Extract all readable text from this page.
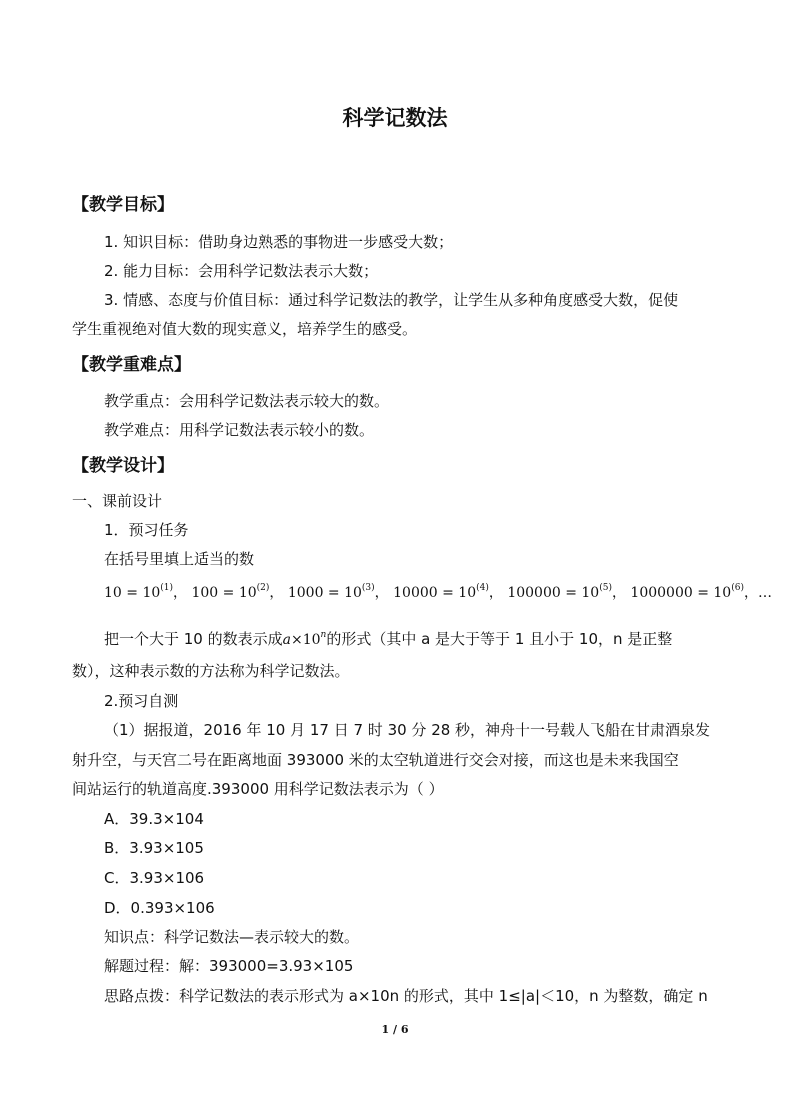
科学记数法
【教学目标】
1. 知识目标：借助身边熟悉的事物进一步感受大数；
2. 能力目标：会用科学记数法表示大数；
3. 情感、态度与价值目标：通过科学记数法的教学，让学生从多种角度感受大数，促使
学生重视绝对值大数的现实意义，培养学生的感受。
【教学重难点】
教学重点：会用科学记数法表示较大的数。
教学难点：用科学记数法表示较小的数。
【教学设计】
一、课前设计
1．预习任务
在括号里填上适当的数
$10 = 10^{(1)}$， $100 = 10^{(2)}$， $1000 = 10^{(3)}$， $10000 = 10^{(4)}$， $100000 = 10^{(5)}$， $1000000 = 10^{(6)}$，…
把一个大于 10 的数表示成$a\times 10^n$的形式（其中 a 是大于等于 1 且小于 10，n 是正整
数），这种表示数的方法称为科学记数法。
2.预习自测
（1）据报道，2016 年 10 月 17 日 7 时 30 分 28 秒，神舟十一号载人飞船在甘肃酒泉发
射升空，与天宫二号在距离地面 393000 米的太空轨道进行交会对接，而这也是未来我国空
间站运行的轨道高度.393000 用科学记数法表示为（ ）
A．39.3×104
B．3.93×105
C．3.93×106
D．0.393×106
知识点：科学记数法—表示较大的数。
解题过程：解：393000=3.93×105
思路点拨：科学记数法的表示形式为 a×10n 的形式，其中 1≤|a|＜10，n 为整数，确定 n
1 / 6
